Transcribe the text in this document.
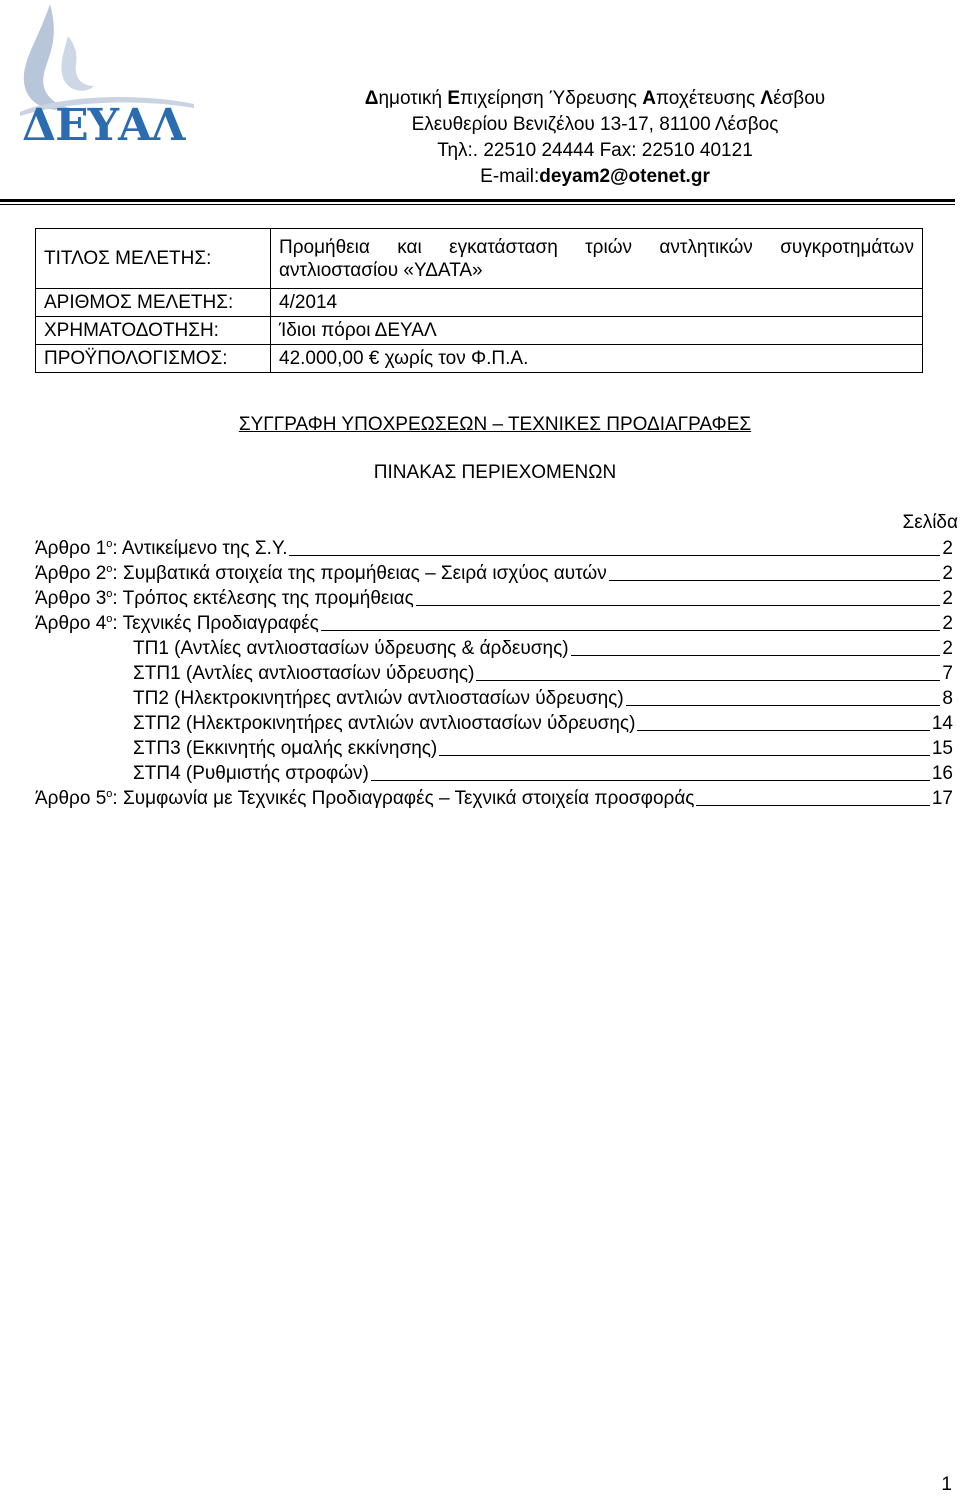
ΔΕΥΑΛ
Δημοτική Επιχείρηση Ύδρευσης Αποχέτευσης Λέσβου
Ελευθερίου Βενιζέλου 13-17, 81100 Λέσβος
Τηλ:. 22510 24444 Fax: 22510 40121
E-mail:deyam2@otenet.gr
ΤΙΤΛΟΣ ΜΕΛΕΤΗΣ:	Προμήθεια και εγκατάσταση τριών αντλητικών συγκροτημάτων αντλιοστασίου «ΥΔΑΤΑ»
ΑΡΙΘΜΟΣ ΜΕΛΕΤΗΣ:	4/2014
ΧΡΗΜΑΤΟΔΟΤΗΣΗ:	Ίδιοι πόροι ΔΕΥΑΛ
ΠΡΟΫΠΟΛΟΓΙΣΜΟΣ:	42.000,00 € χωρίς τον Φ.Π.Α.
ΣΥΓΓΡΑΦΗ ΥΠΟΧΡΕΩΣΕΩΝ – ΤΕΧΝΙΚΕΣ ΠΡΟΔΙΑΓΡΑΦΕΣ
ΠΙΝΑΚΑΣ ΠΕΡΙΕΧΟΜΕΝΩΝ
Σελίδα
Άρθρο $1^o$: Αντικείμενο της Σ.Υ.	2
Άρθρο $2^o$: Συμβατικά στοιχεία της προμήθειας – Σειρά ισχύος αυτών	2
Άρθρο $3^o$: Τρόπος εκτέλεσης της προμήθειας	2
Άρθρο $4^o$: Τεχνικές Προδιαγραφές	2
ΤΠ1 (Αντλίες αντλιοστασίων ύδρευσης & άρδευσης)	2
ΣΤΠ1 (Αντλίες αντλιοστασίων ύδρευσης)	7
ΤΠ2 (Ηλεκτροκινητήρες αντλιών αντλιοστασίων ύδρευσης)	8
ΣΤΠ2 (Ηλεκτροκινητήρες αντλιών αντλιοστασίων ύδρευσης)	14
ΣΤΠ3 (Εκκινητής ομαλής εκκίνησης)	15
ΣΤΠ4 (Ρυθμιστής στροφών)	16
Άρθρο $5^o$: Συμφωνία με Τεχνικές Προδιαγραφές – Τεχνικά στοιχεία προσφοράς	17
1
